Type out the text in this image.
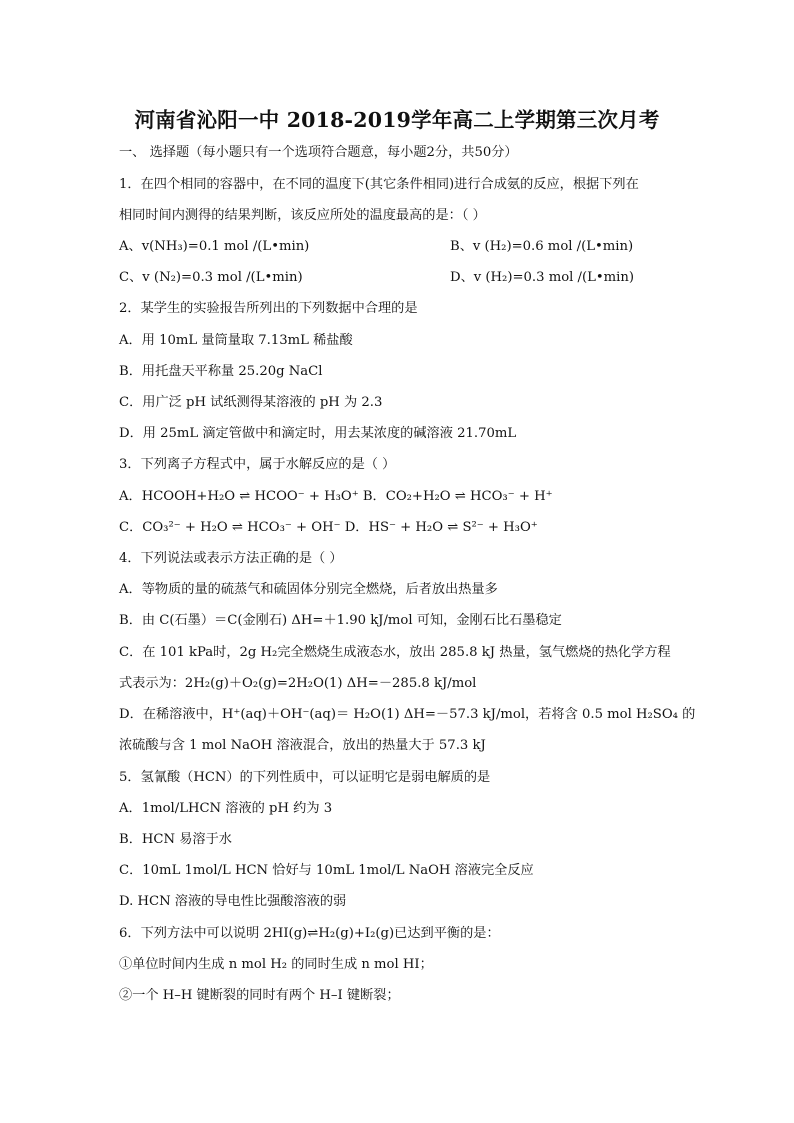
河南省沁阳一中 2018-2019学年高二上学期第三次月考
一、 选择题（每小题只有一个选项符合题意，每小题2分，共50分）
1．在四个相同的容器中，在不同的温度下(其它条件相同)进行合成氨的反应，根据下列在
相同时间内测得的结果判断，该反应所处的温度最高的是：（ ）
A、v(NH₃)=0.1 mol /(L•min)	B、v (H₂)=0.6 mol /(L•min)
C、v (N₂)=0.3 mol /(L•min)	D、v (H₂)=0.3 mol /(L•min)
2．某学生的实验报告所列出的下列数据中合理的是
A．用 10mL 量筒量取 7.13mL 稀盐酸
B．用托盘天平称量 25.20g NaCl
C．用广泛 pH 试纸测得某溶液的 pH 为 2.3
D．用 25mL 滴定管做中和滴定时，用去某浓度的碱溶液 21.70mL
3．下列离子方程式中，属于水解反应的是（ ）
A．HCOOH+H₂O ⇌ HCOO⁻ + H₃O⁺ B．CO₂+H₂O ⇌ HCO₃⁻ + H⁺
C．CO₃²⁻ + H₂O ⇌ HCO₃⁻ + OH⁻ D．HS⁻ + H₂O ⇌ S²⁻ + H₃O⁺
4．下列说法或表示方法正确的是（ ）
A．等物质的量的硫蒸气和硫固体分别完全燃烧，后者放出热量多
B．由 C(石墨）＝C(金刚石) ΔH=＋1.90 kJ/mol 可知，金刚石比石墨稳定
C．在 101 kPa时，2g H₂完全燃烧生成液态水，放出 285.8 kJ 热量，氢气燃烧的热化学方程
式表示为：2H₂(g)＋O₂(g)=2H₂O(1) ΔH=－285.8 kJ/mol
D．在稀溶液中，H⁺(aq)＋OH⁻(aq)＝ H₂O(1) ΔH=－57.3 kJ/mol，若将含 0.5 mol H₂SO₄ 的
浓硫酸与含 1 mol NaOH 溶液混合，放出的热量大于 57.3 kJ
5．氢氰酸（HCN）的下列性质中，可以证明它是弱电解质的是
A．1mol/LHCN 溶液的 pH 约为 3
B．HCN 易溶于水
C．10mL 1mol/L HCN 恰好与 10mL 1mol/L NaOH 溶液完全反应
D. HCN 溶液的导电性比强酸溶液的弱
6．下列方法中可以说明 2HI(g)⇌H₂(g)+I₂(g)已达到平衡的是：
①单位时间内生成 n mol H₂ 的同时生成 n mol HI；
②一个 H–H 键断裂的同时有两个 H–I 键断裂；
